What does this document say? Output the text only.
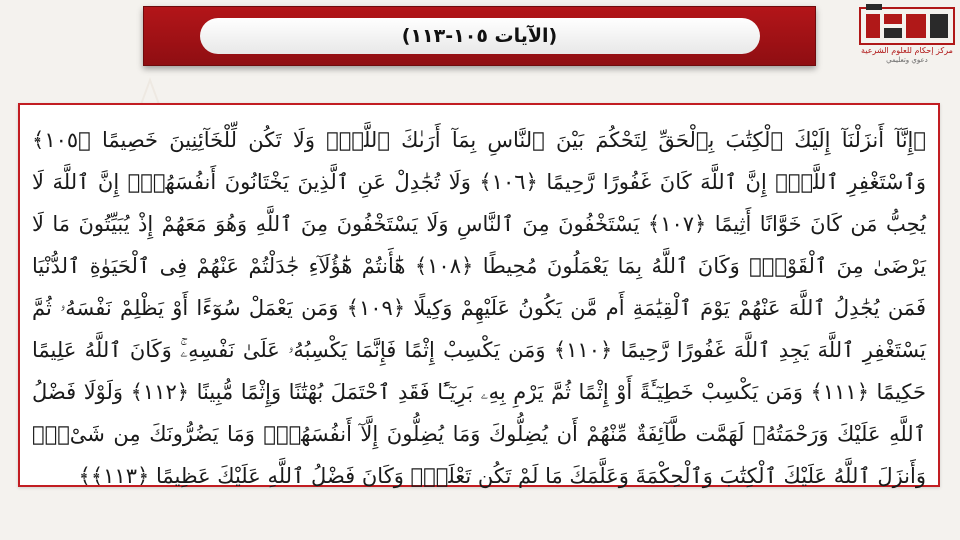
(الآيات ١٠٥-١١٣)
مركز إحكام للعلوم الشرعية
دعوي وتعليمي
﴿إِنَّآ أَنزَلْنَآ إِلَيْكَ ٱلْكِتَٰبَ بِٱلْحَقِّ لِتَحْكُمَ بَيْنَ ٱلنَّاسِ بِمَآ أَرَىٰكَ ٱللَّهُۚ وَلَا تَكُن لِّلْخَآئِنِينَ خَصِيمًا ﴿١٠٥﴾ وَٱسْتَغْفِرِ ٱللَّهَۖ إِنَّ ٱللَّهَ كَانَ غَفُورًا رَّحِيمًا ﴿١٠٦﴾ وَلَا تُجَٰدِلْ عَنِ ٱلَّذِينَ يَخْتَانُونَ أَنفُسَهُمْۚ إِنَّ ٱللَّهَ لَا يُحِبُّ مَن كَانَ خَوَّانًا أَثِيمًا ﴿١٠٧﴾ يَسْتَخْفُونَ مِنَ ٱلنَّاسِ وَلَا يَسْتَخْفُونَ مِنَ ٱللَّهِ وَهُوَ مَعَهُمْ إِذْ يُبَيِّتُونَ مَا لَا يَرْضَىٰ مِنَ ٱلْقَوْلِۚ وَكَانَ ٱللَّهُ بِمَا يَعْمَلُونَ مُحِيطًا ﴿١٠٨﴾ هَٰٓأَنتُمْ هَٰٓؤُلَآءِ جَٰدَلْتُمْ عَنْهُمْ فِى ٱلْحَيَوٰةِ ٱلدُّنْيَا فَمَن يُجَٰدِلُ ٱللَّهَ عَنْهُمْ يَوْمَ ٱلْقِيَٰمَةِ أَم مَّن يَكُونُ عَلَيْهِمْ وَكِيلًا ﴿١٠٩﴾ وَمَن يَعْمَلْ سُوٓءًا أَوْ يَظْلِمْ نَفْسَهُۥ ثُمَّ يَسْتَغْفِرِ ٱللَّهَ يَجِدِ ٱللَّهَ غَفُورًا رَّحِيمًا ﴿١١٠﴾ وَمَن يَكْسِبْ إِثْمًا فَإِنَّمَا يَكْسِبُهُۥ عَلَىٰ نَفْسِهِۦۚ وَكَانَ ٱللَّهُ عَلِيمًا حَكِيمًا ﴿١١١﴾ وَمَن يَكْسِبْ خَطِيٓـَٔةً أَوْ إِثْمًا ثُمَّ يَرْمِ بِهِۦ بَرِيٓـًٔا فَقَدِ ٱحْتَمَلَ بُهْتَٰنًا وَإِثْمًا مُّبِينًا ﴿١١٢﴾ وَلَوْلَا فَضْلُ ٱللَّهِ عَلَيْكَ وَرَحْمَتُهُۥ لَهَمَّت طَّآئِفَةٌ مِّنْهُمْ أَن يُضِلُّوكَ وَمَا يُضِلُّونَ إِلَّآ أَنفُسَهُمْۖ وَمَا يَضُرُّونَكَ مِن شَىْءٍۚ وَأَنزَلَ ٱللَّهُ عَلَيْكَ ٱلْكِتَٰبَ وَٱلْحِكْمَةَ وَعَلَّمَكَ مَا لَمْ تَكُن تَعْلَمُۚ وَكَانَ فَضْلُ ٱللَّهِ عَلَيْكَ عَظِيمًا ﴿١١٣﴾﴾
